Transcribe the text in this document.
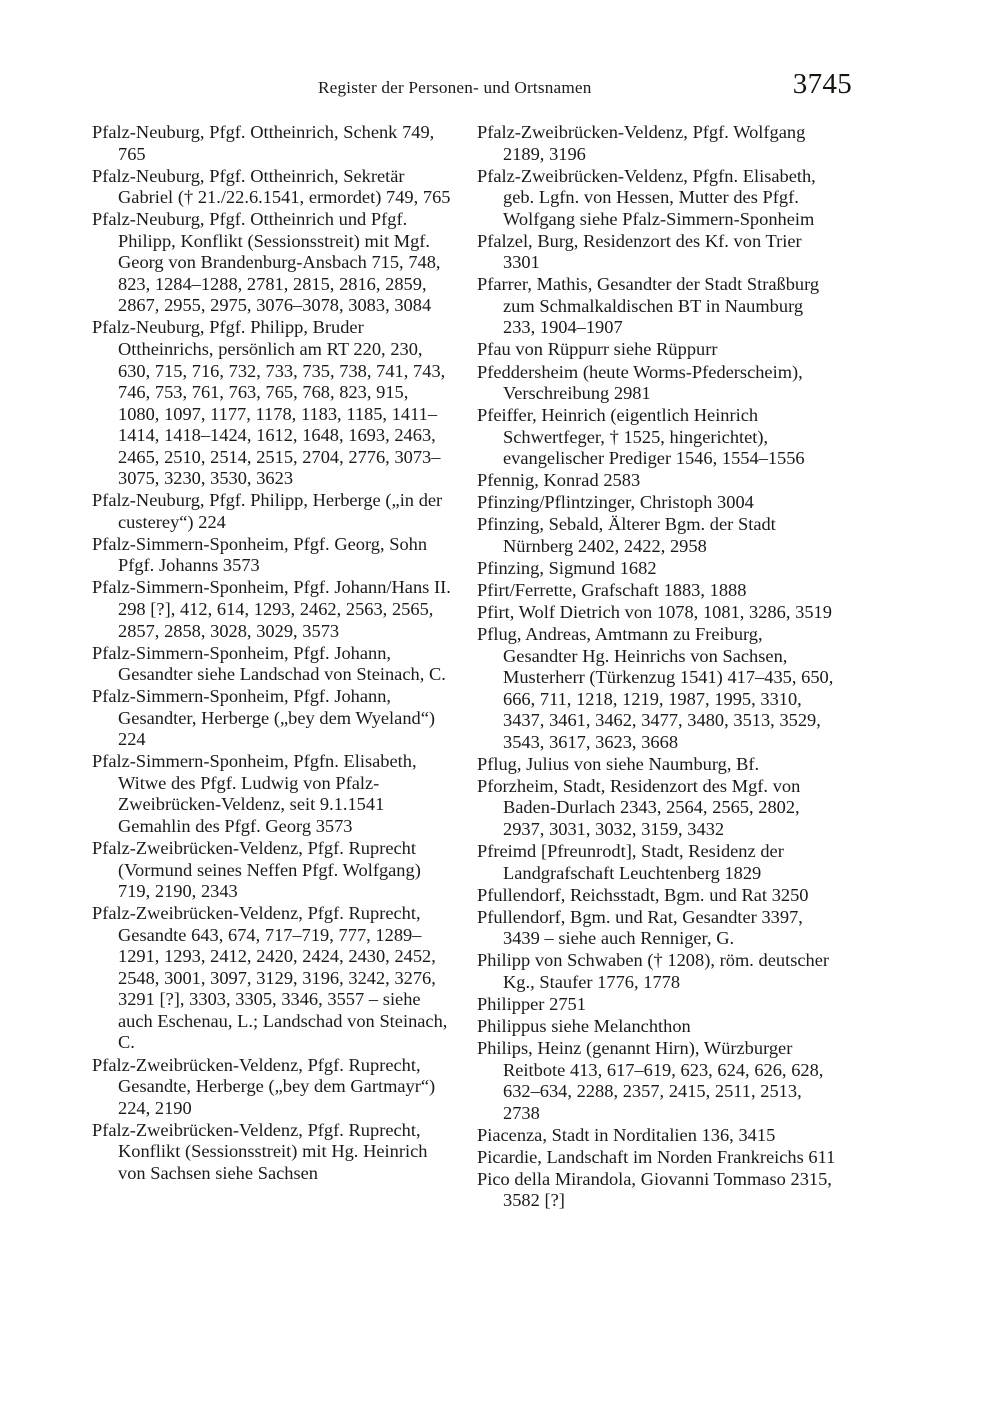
Register der Personen- und Ortsnamen	3745

Pfalz-Neuburg, Pfgf. Ottheinrich, Schenk 749, 765

Pfalz-Neuburg, Pfgf. Ottheinrich, Sekretär Gabriel († 21./22.6.1541, ermordet) 749, 765

Pfalz-Neuburg, Pfgf. Ottheinrich und Pfgf. Philipp, Konflikt (Sessionsstreit) mit Mgf. Georg von Brandenburg-Ansbach 715, 748, 823, 1284–1288, 2781, 2815, 2816, 2859, 2867, 2955, 2975, 3076–3078, 3083, 3084

Pfalz-Neuburg, Pfgf. Philipp, Bruder Ottheinrichs, persönlich am RT 220, 230, 630, 715, 716, 732, 733, 735, 738, 741, 743, 746, 753, 761, 763, 765, 768, 823, 915, 1080, 1097, 1177, 1178, 1183, 1185, 1411–1414, 1418–1424, 1612, 1648, 1693, 2463, 2465, 2510, 2514, 2515, 2704, 2776, 3073–3075, 3230, 3530, 3623

Pfalz-Neuburg, Pfgf. Philipp, Herberge („in der custerey“) 224

Pfalz-Simmern-Sponheim, Pfgf. Georg, Sohn Pfgf. Johanns 3573

Pfalz-Simmern-Sponheim, Pfgf. Johann/Hans II. 298 [?], 412, 614, 1293, 2462, 2563, 2565, 2857, 2858, 3028, 3029, 3573

Pfalz-Simmern-Sponheim, Pfgf. Johann, Gesandter siehe Landschad von Steinach, C.

Pfalz-Simmern-Sponheim, Pfgf. Johann, Gesandter, Herberge („bey dem Wyeland“) 224

Pfalz-Simmern-Sponheim, Pfgfn. Elisabeth, Witwe des Pfgf. Ludwig von Pfalz-Zweibrücken-Veldenz, seit 9.1.1541 Gemahlin des Pfgf. Georg 3573

Pfalz-Zweibrücken-Veldenz, Pfgf. Ruprecht (Vormund seines Neffen Pfgf. Wolfgang) 719, 2190, 2343

Pfalz-Zweibrücken-Veldenz, Pfgf. Ruprecht, Gesandte 643, 674, 717–719, 777, 1289–1291, 1293, 2412, 2420, 2424, 2430, 2452, 2548, 3001, 3097, 3129, 3196, 3242, 3276, 3291 [?], 3303, 3305, 3346, 3557 – siehe auch Eschenau, L.; Landschad von Steinach, C.

Pfalz-Zweibrücken-Veldenz, Pfgf. Ruprecht, Gesandte, Herberge („bey dem Gartmayr“) 224, 2190

Pfalz-Zweibrücken-Veldenz, Pfgf. Ruprecht, Konflikt (Sessionsstreit) mit Hg. Heinrich von Sachsen siehe Sachsen

Pfalz-Zweibrücken-Veldenz, Pfgf. Wolfgang 2189, 3196

Pfalz-Zweibrücken-Veldenz, Pfgfn. Elisabeth, geb. Lgfn. von Hessen, Mutter des Pfgf. Wolfgang siehe Pfalz-Simmern-Sponheim

Pfalzel, Burg, Residenzort des Kf. von Trier 3301

Pfarrer, Mathis, Gesandter der Stadt Straßburg zum Schmalkaldischen BT in Naumburg 233, 1904–1907

Pfau von Rüppurr siehe Rüppurr

Pfeddersheim (heute Worms-Pfederscheim), Verschreibung 2981

Pfeiffer, Heinrich (eigentlich Heinrich Schwertfeger, † 1525, hingerichtet), evangelischer Prediger 1546, 1554–1556

Pfennig, Konrad 2583

Pfinzing/Pflintzinger, Christoph 3004

Pfinzing, Sebald, Älterer Bgm. der Stadt Nürnberg 2402, 2422, 2958

Pfinzing, Sigmund 1682

Pfirt/Ferrette, Grafschaft 1883, 1888

Pfirt, Wolf Dietrich von 1078, 1081, 3286, 3519

Pflug, Andreas, Amtmann zu Freiburg, Gesandter Hg. Heinrichs von Sachsen, Musterherr (Türkenzug 1541) 417–435, 650, 666, 711, 1218, 1219, 1987, 1995, 3310, 3437, 3461, 3462, 3477, 3480, 3513, 3529, 3543, 3617, 3623, 3668

Pflug, Julius von siehe Naumburg, Bf.

Pforzheim, Stadt, Residenzort des Mgf. von Baden-Durlach 2343, 2564, 2565, 2802, 2937, 3031, 3032, 3159, 3432

Pfreimd [Pfreunrodt], Stadt, Residenz der Landgrafschaft Leuchtenberg 1829

Pfullendorf, Reichsstadt, Bgm. und Rat 3250

Pfullendorf, Bgm. und Rat, Gesandter 3397, 3439 – siehe auch Renniger, G.

Philipp von Schwaben († 1208), röm. deutscher Kg., Staufer 1776, 1778

Philipper 2751

Philippus siehe Melanchthon

Philips, Heinz (genannt Hirn), Würzburger Reitbote 413, 617–619, 623, 624, 626, 628, 632–634, 2288, 2357, 2415, 2511, 2513, 2738

Piacenza, Stadt in Norditalien 136, 3415

Picardie, Landschaft im Norden Frankreichs 611

Pico della Mirandola, Giovanni Tommaso 2315, 3582 [?]
